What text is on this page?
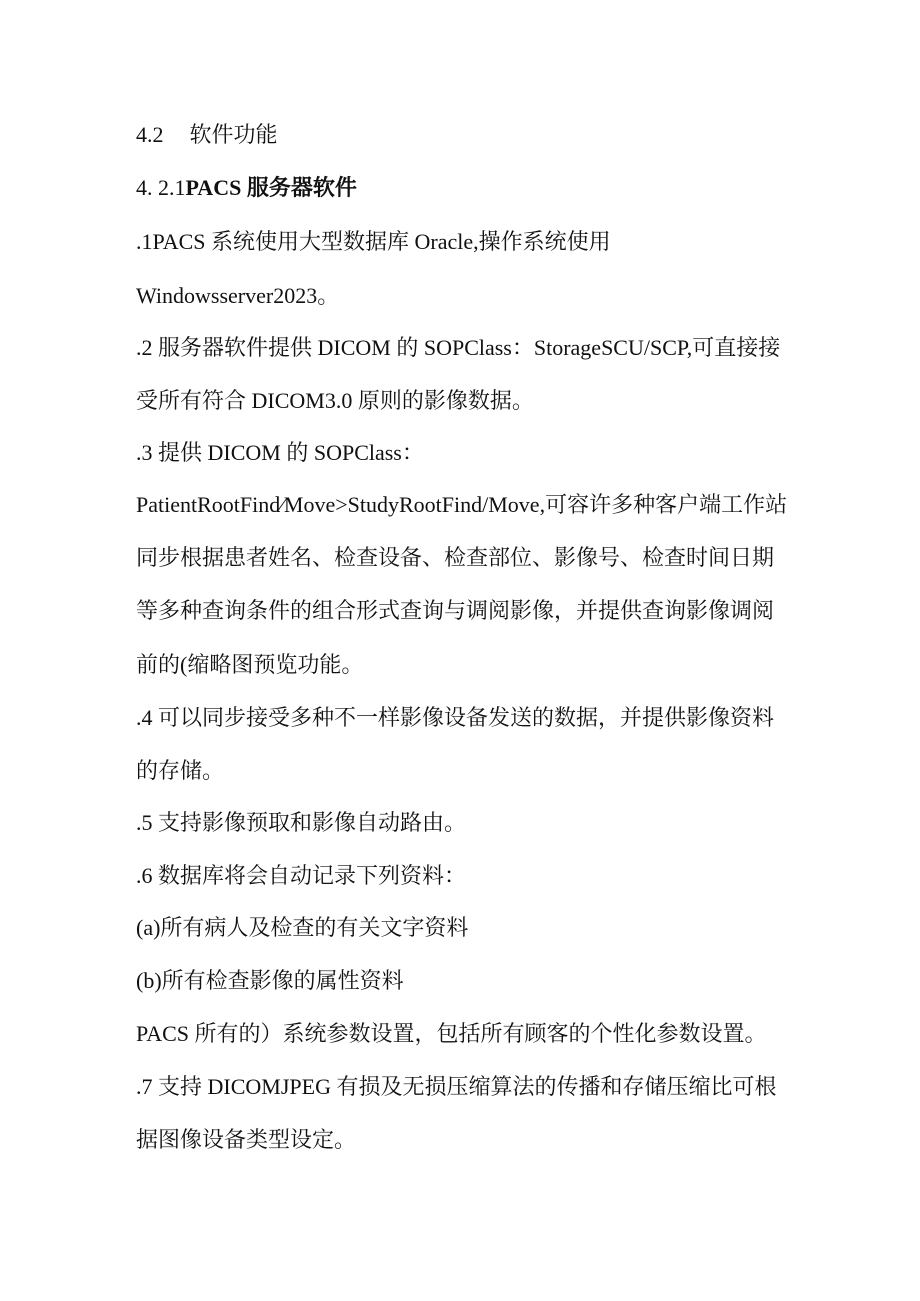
4.2 软件功能
4. 2.1PACS 服务器软件
.1PACS 系统使用大型数据库 Oracle,操作系统使用
Windowsserver2023。
.2 服务器软件提供 DICOM 的 SOPClass：StorageSCU/SCP,可直接接
受所有符合 DICOM3.0 原则的影像数据。
.3 提供 DICOM 的 SOPClass：
PatientRootFind∕Move>StudyRootFind/Move,可容许多种客户端工作站
同步根据患者姓名、检查设备、检查部位、影像号、检查时间日期
等多种查询条件的组合形式查询与调阅影像，并提供查询影像调阅
前的(缩略图预览功能。
.4 可以同步接受多种不一样影像设备发送的数据，并提供影像资料
的存储。
.5 支持影像预取和影像自动路由。
.6 数据库将会自动记录下列资料：
(a)所有病人及检查的有关文字资料
(b)所有检查影像的属性资料
PACS 所有的）系统参数设置，包括所有顾客的个性化参数设置。
.7 支持 DICOMJPEG 有损及无损压缩算法的传播和存储压缩比可根
据图像设备类型设定。
